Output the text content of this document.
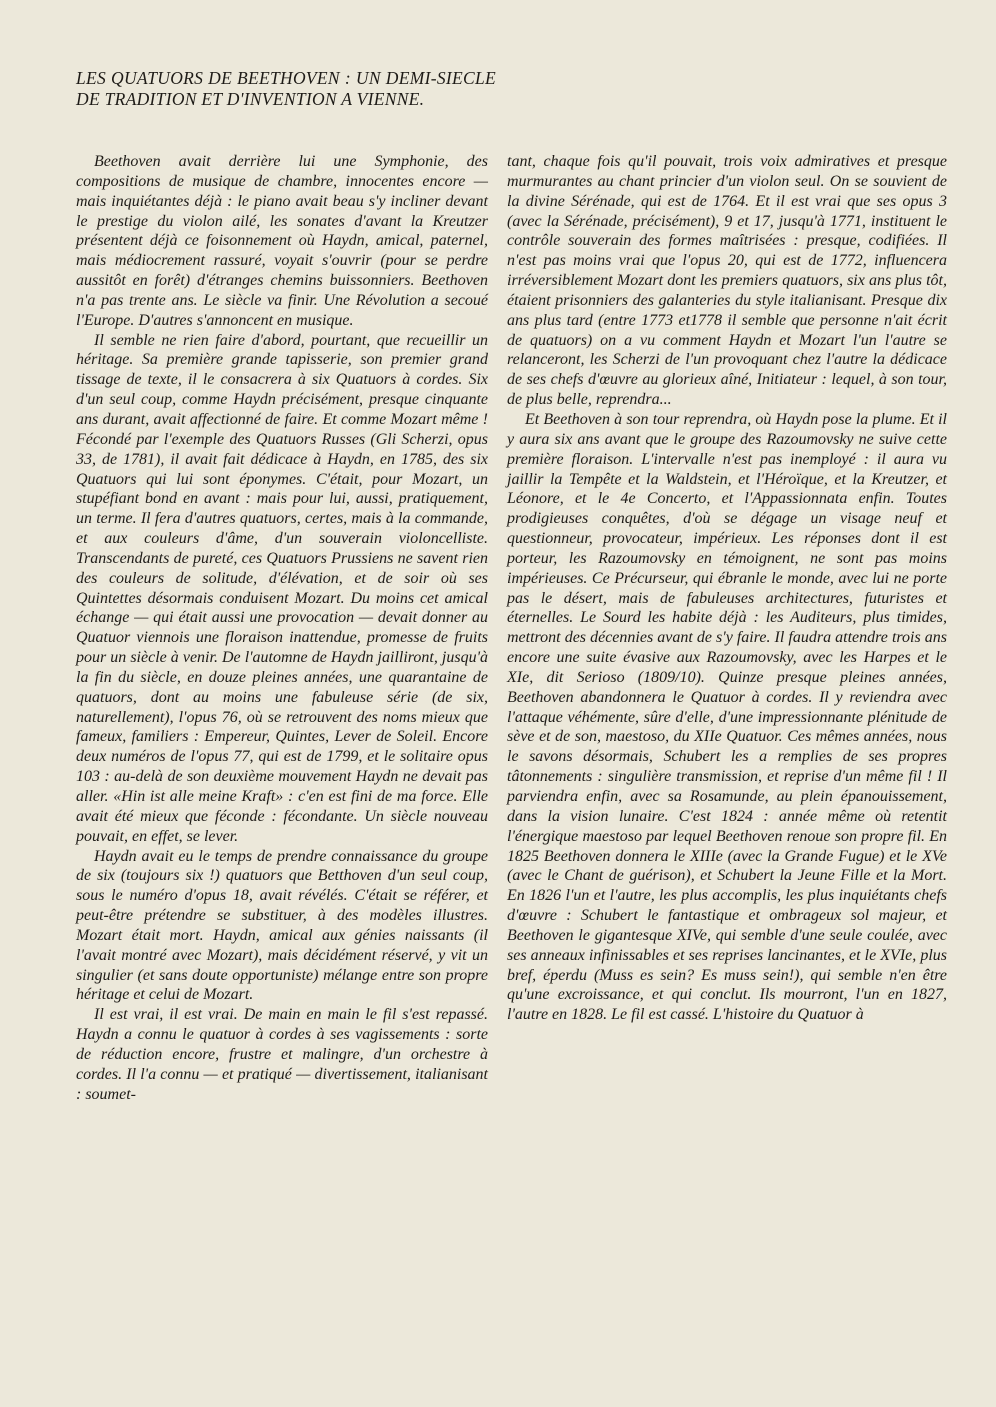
LES QUATUORS DE BEETHOVEN : UN DEMI-SIECLE DE TRADITION ET D'INVENTION A VIENNE.

Beethoven avait derrière lui une Symphonie, des compositions de musique de chambre, innocentes encore — mais inquiétantes déjà : le piano avait beau s'y incliner devant le prestige du violon ailé, les sonates d'avant la Kreutzer présentent déjà ce foisonnement où Haydn, amical, paternel, mais médiocrement rassuré, voyait s'ouvrir (pour se perdre aussitôt en forêt) d'étranges chemins buissonniers. Beethoven n'a pas trente ans. Le siècle va finir. Une Révolution a secoué l'Europe. D'autres s'annoncent en musique.

Il semble ne rien faire d'abord, pourtant, que recueillir un héritage. Sa première grande tapisserie, son premier grand tissage de texte, il le consacrera à six Quatuors à cordes. Six d'un seul coup, comme Haydn précisément, presque cinquante ans durant, avait affectionné de faire. Et comme Mozart même ! Fécondé par l'exemple des Quatuors Russes (Gli Scherzi, opus 33, de 1781), il avait fait dédicace à Haydn, en 1785, des six Quatuors qui lui sont éponymes. C'était, pour Mozart, un stupéfiant bond en avant : mais pour lui, aussi, pratiquement, un terme. Il fera d'autres quatuors, certes, mais à la commande, et aux couleurs d'âme, d'un souverain violoncelliste. Transcendants de pureté, ces Quatuors Prussiens ne savent rien des couleurs de solitude, d'élévation, et de soir où ses Quintettes désormais conduisent Mozart. Du moins cet amical échange — qui était aussi une provocation — devait donner au Quatuor viennois une floraison inattendue, promesse de fruits pour un siècle à venir. De l'automne de Haydn jailliront, jusqu'à la fin du siècle, en douze pleines années, une quarantaine de quatuors, dont au moins une fabuleuse série (de six, naturellement), l'opus 76, où se retrouvent des noms mieux que fameux, familiers : Empereur, Quintes, Lever de Soleil. Encore deux numéros de l'opus 77, qui est de 1799, et le solitaire opus 103 : au-delà de son deuxième mouvement Haydn ne devait pas aller. «Hin ist alle meine Kraft» : c'en est fini de ma force. Elle avait été mieux que féconde : fécondante. Un siècle nouveau pouvait, en effet, se lever.

Haydn avait eu le temps de prendre connaissance du groupe de six (toujours six !) quatuors que Betthoven d'un seul coup, sous le numéro d'opus 18, avait révélés. C'était se référer, et peut-être prétendre se substituer, à des modèles illustres. Mozart était mort. Haydn, amical aux génies naissants (il l'avait montré avec Mozart), mais décidément réservé, y vit un singulier (et sans doute opportuniste) mélange entre son propre héritage et celui de Mozart.

Il est vrai, il est vrai. De main en main le fil s'est repassé. Haydn a connu le quatuor à cordes à ses vagissements : sorte de réduction encore, frustre et malingre, d'un orchestre à cordes. Il l'a connu — et pratiqué — divertissement, italianisant : soumet-

tant, chaque fois qu'il pouvait, trois voix admiratives et presque murmurantes au chant princier d'un violon seul. On se souvient de la divine Sérénade, qui est de 1764. Et il est vrai que ses opus 3 (avec la Sérénade, précisément), 9 et 17, jusqu'à 1771, instituent le contrôle souverain des formes maîtrisées : presque, codifiées. Il n'est pas moins vrai que l'opus 20, qui est de 1772, influencera irréversiblement Mozart dont les premiers quatuors, six ans plus tôt, étaient prisonniers des galanteries du style italianisant. Presque dix ans plus tard (entre 1773 et1778 il semble que personne n'ait écrit de quatuors) on a vu comment Haydn et Mozart l'un l'autre se relanceront, les Scherzi de l'un provoquant chez l'autre la dédicace de ses chefs d'œuvre au glorieux aîné, Initiateur : lequel, à son tour, de plus belle, reprendra...

Et Beethoven à son tour reprendra, où Haydn pose la plume. Et il y aura six ans avant que le groupe des Razoumovsky ne suive cette première floraison. L'intervalle n'est pas inemployé : il aura vu jaillir la Tempête et la Waldstein, et l'Héroïque, et la Kreutzer, et Léonore, et le 4e Concerto, et l'Appassionnata enfin. Toutes prodigieuses conquêtes, d'où se dégage un visage neuf et questionneur, provocateur, impérieux. Les réponses dont il est porteur, les Razoumovsky en témoignent, ne sont pas moins impérieuses. Ce Précurseur, qui ébranle le monde, avec lui ne porte pas le désert, mais de fabuleuses architectures, futuristes et éternelles. Le Sourd les habite déjà : les Auditeurs, plus timides, mettront des décennies avant de s'y faire. Il faudra attendre trois ans encore une suite évasive aux Razoumovsky, avec les Harpes et le XIe, dit Serioso (1809/10). Quinze presque pleines années, Beethoven abandonnera le Quatuor à cordes. Il y reviendra avec l'attaque véhémente, sûre d'elle, d'une impressionnante plénitude de sève et de son, maestoso, du XIIe Quatuor. Ces mêmes années, nous le savons désormais, Schubert les a remplies de ses propres tâtonnements : singulière transmission, et reprise d'un même fil ! Il parviendra enfin, avec sa Rosamunde, au plein épanouissement, dans la vision lunaire. C'est 1824 : année même où retentit l'énergique maestoso par lequel Beethoven renoue son propre fil. En 1825 Beethoven donnera le XIIIe (avec la Grande Fugue) et le XVe (avec le Chant de guérison), et Schubert la Jeune Fille et la Mort. En 1826 l'un et l'autre, les plus accomplis, les plus inquiétants chefs d'œuvre : Schubert le fantastique et ombrageux sol majeur, et Beethoven le gigantesque XIVe, qui semble d'une seule coulée, avec ses anneaux infinissables et ses reprises lancinantes, et le XVIe, plus bref, éperdu (Muss es sein? Es muss sein!), qui semble n'en être qu'une excroissance, et qui conclut. Ils mourront, l'un en 1827, l'autre en 1828. Le fil est cassé. L'histoire du Quatuor à
